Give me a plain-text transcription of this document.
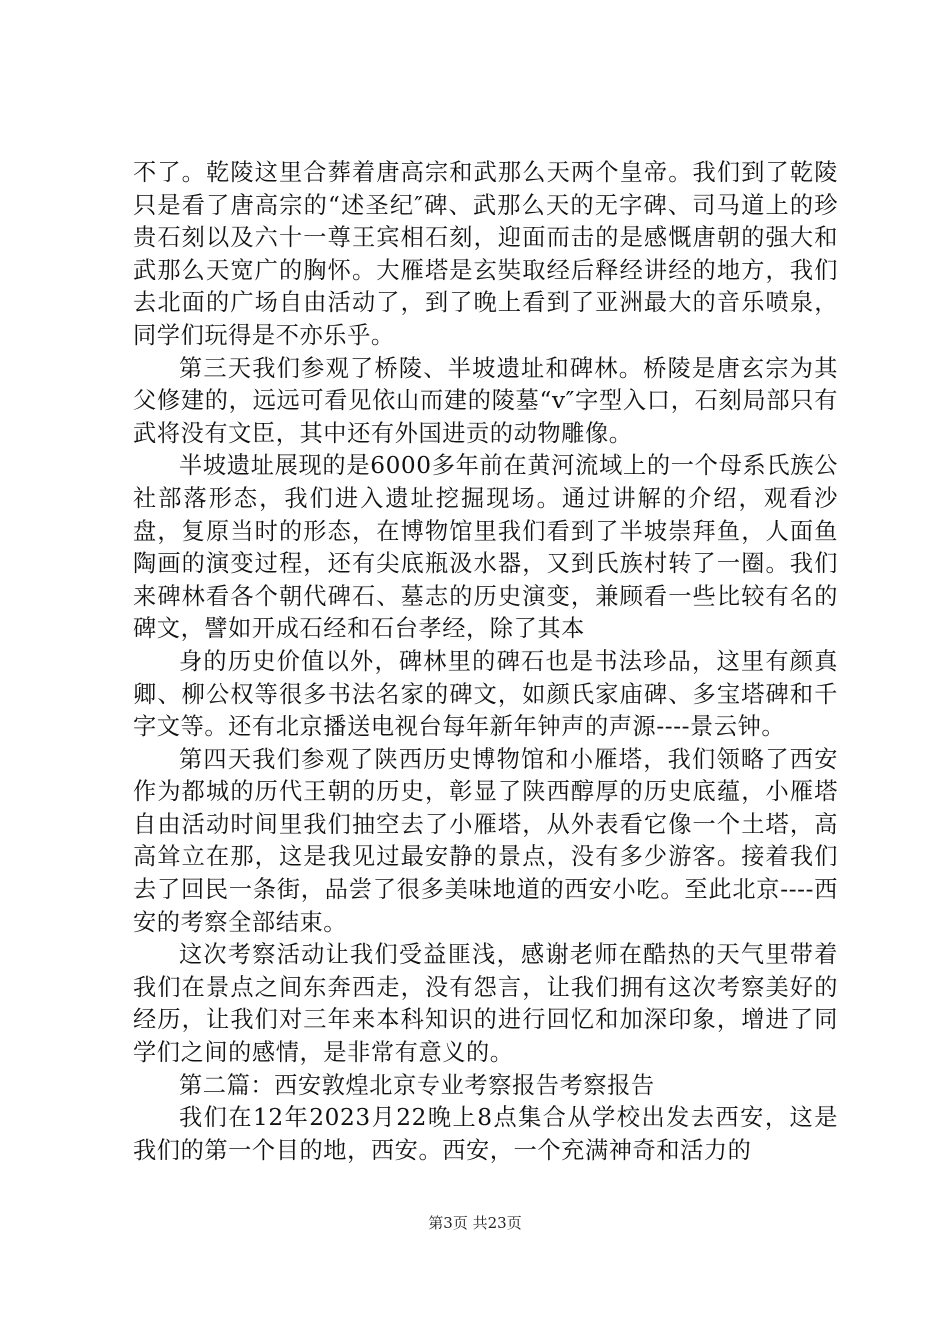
不了。乾陵这里合葬着唐高宗和武那么天两个皇帝。我们到了乾陵只是看了唐高宗的“述圣纪″碑、武那么天的无字碑、司马道上的珍贵石刻以及六十一尊王宾相石刻，迎面而击的是感慨唐朝的强大和武那么天宽广的胸怀。大雁塔是玄奘取经后释经讲经的地方，我们去北面的广场自由活动了，到了晚上看到了亚洲最大的音乐喷泉，同学们玩得是不亦乐乎。

第三天我们参观了桥陵、半坡遗址和碑林。桥陵是唐玄宗为其父修建的，远远可看见依山而建的陵墓“v″字型入口，石刻局部只有武将没有文臣，其中还有外国进贡的动物雕像。

半坡遗址展现的是6000多年前在黄河流域上的一个母系氏族公社部落形态，我们进入遗址挖掘现场。通过讲解的介绍，观看沙盘，复原当时的形态，在博物馆里我们看到了半坡崇拜鱼，人面鱼陶画的演变过程，还有尖底瓶汲水器，又到氏族村转了一圈。我们来碑林看各个朝代碑石、墓志的历史演变，兼顾看一些比较有名的碑文，譬如开成石经和石台孝经，除了其本

身的历史价值以外，碑林里的碑石也是书法珍品，这里有颜真卿、柳公权等很多书法名家的碑文，如颜氏家庙碑、多宝塔碑和千字文等。还有北京播送电视台每年新年钟声的声源----景云钟。

第四天我们参观了陕西历史博物馆和小雁塔，我们领略了西安作为都城的历代王朝的历史，彰显了陕西醇厚的历史底蕴，小雁塔自由活动时间里我们抽空去了小雁塔，从外表看它像一个土塔，高高耸立在那，这是我见过最安静的景点，没有多少游客。接着我们去了回民一条街，品尝了很多美味地道的西安小吃。至此北京----西安的考察全部结束。

这次考察活动让我们受益匪浅，感谢老师在酷热的天气里带着我们在景点之间东奔西走，没有怨言，让我们拥有这次考察美好的经历，让我们对三年来本科知识的进行回忆和加深印象，增进了同学们之间的感情，是非常有意义的。

第二篇：西安敦煌北京专业考察报告考察报告

我们在12年2023月22晚上8点集合从学校出发去西安，这是我们的第一个目的地，西安。西安，一个充满神奇和活力的

第3页 共23页
